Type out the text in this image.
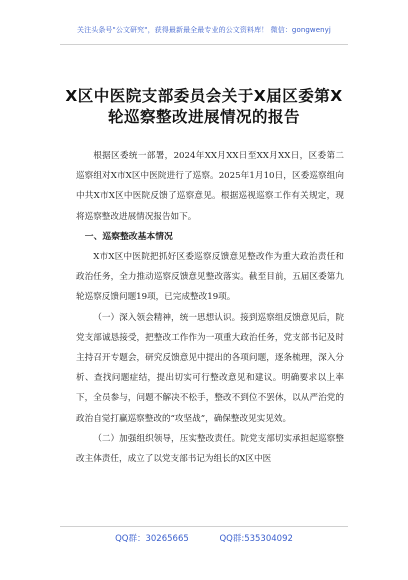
关注头条号"公文研究"，获得最新最全最专业的公文资料库！ 微信：gongwenyj
X区中医院支部委员会关于X届区委第X
轮巡察整改进展情况的报告

根据区委统一部署，2024年XX月XX日至XX月XX日，区委第二巡察组对X市X区中医院进行了巡察。2025年1月10日，区委巡察组向中共X市X区中医院反馈了巡察意见。根据巡视巡察工作有关规定，现将巡察整改进展情况报告如下。

一、巡察整改基本情况

X市X区中医院把抓好区委巡察反馈意见整改作为重大政治责任和政治任务，全力推动巡察反馈意见整改落实。截至目前，五届区委第九轮巡察反馈问题19项，已完成整改19项。

（一）深入领会精神，统一思想认识。接到巡察组反馈意见后，院党支部诚恳接受，把整改工作作为一项重大政治任务，党支部书记及时主持召开专题会，研究反馈意见中提出的各项问题，逐条梳理，深入分析、查找问题症结，提出切实可行整改意见和建议。明确要求以上率下，全员参与，问题不解决不松手，整改不到位不罢休，以从严治党的政治自觉打赢巡察整改的“攻坚战”，确保整改见实见效。

（二）加强组织领导，压实整改责任。院党支部切实承担起巡察整改主体责任，成立了以党支部书记为组长的X区中医

QQ群：30265665	QQ群:535304092
